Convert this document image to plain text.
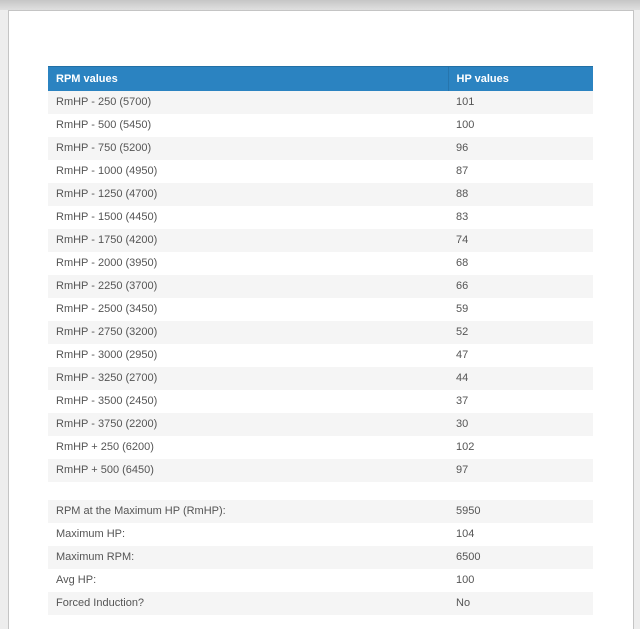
RPM values	HP values
RmHP - 250 (5700)	101
RmHP - 500 (5450)	100
RmHP - 750 (5200)	96
RmHP - 1000 (4950)	87
RmHP - 1250 (4700)	88
RmHP - 1500 (4450)	83
RmHP - 1750 (4200)	74
RmHP - 2000 (3950)	68
RmHP - 2250 (3700)	66
RmHP - 2500 (3450)	59
RmHP - 2750 (3200)	52
RmHP - 3000 (2950)	47
RmHP - 3250 (2700)	44
RmHP - 3500 (2450)	37
RmHP - 3750 (2200)	30
RmHP + 250 (6200)	102
RmHP + 500 (6450)	97
RPM at the Maximum HP (RmHP):	5950
Maximum HP:	104
Maximum RPM:	6500
Avg HP:	100
Forced Induction?	No
